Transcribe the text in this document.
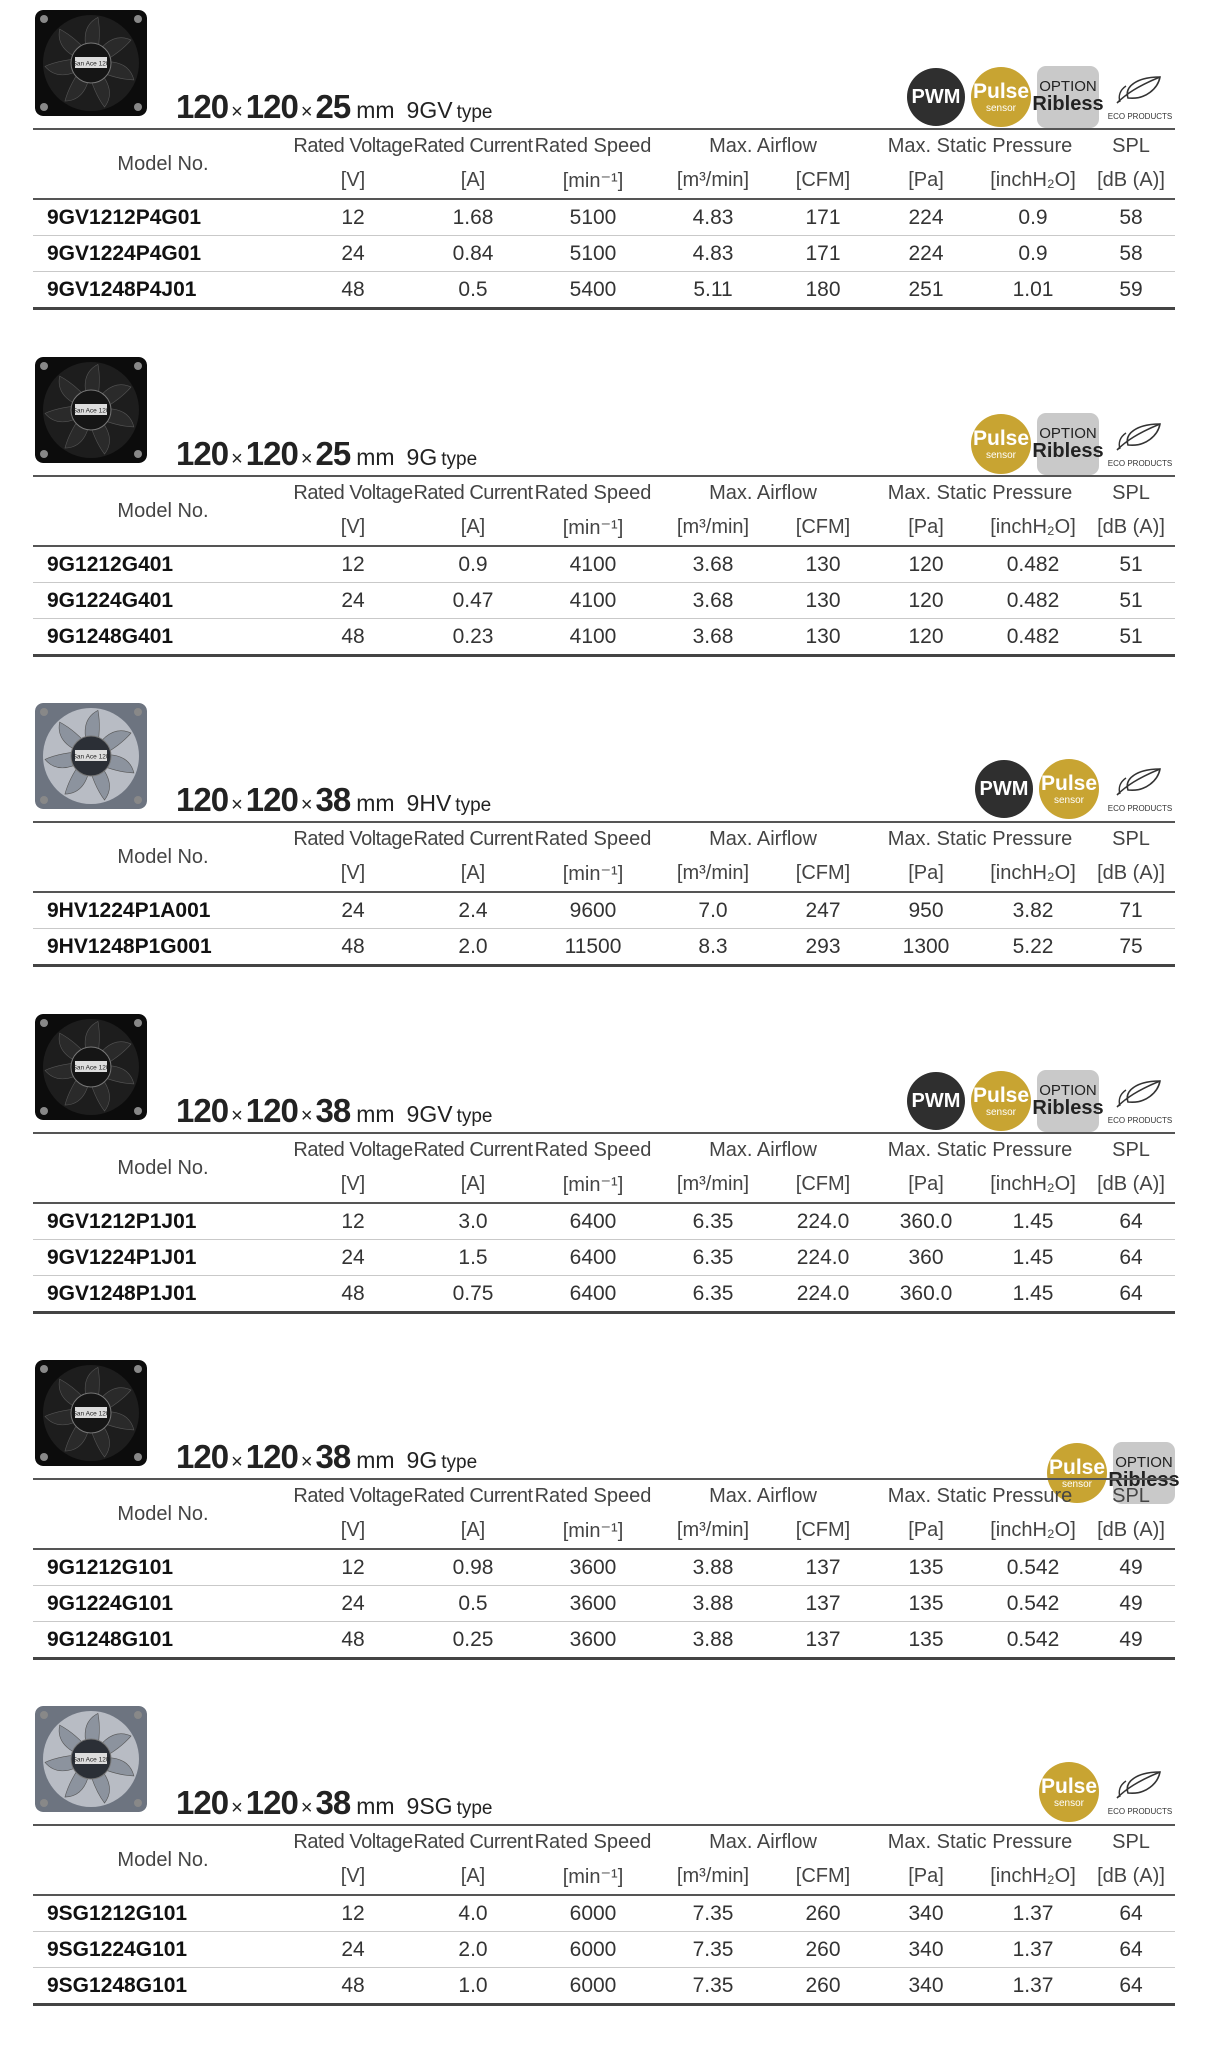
San Ace 120
PWM Pulse
sensor
OPTION
Ribless
ECO PRODUCTS
120 ×120 ×25 mm 9GV type
Model No.	Rated Voltage	Rated Current	Rated Speed	Max. Airflow		Max. Static Pressure		SPL
	[V]	[A]	[min⁻¹]	[m³/min]	[CFM]	[Pa]	[inchH₂O]	[dB (A)]
9GV1212P4G01	12	1.68	5100	4.83	171	224	0.9	58
9GV1224P4G01	24	0.84	5100	4.83	171	224	0.9	58
9GV1248P4J01	48	0.5	5400	5.11	180	251	1.01	59
San Ace 120
Pulse
sensor
OPTION
Ribless
ECO PRODUCTS
120 ×120 ×25 mm 9G type
Model No.	Rated Voltage	Rated Current	Rated Speed	Max. Airflow		Max. Static Pressure		SPL
	[V]	[A]	[min⁻¹]	[m³/min]	[CFM]	[Pa]	[inchH₂O]	[dB (A)]
9G1212G401	12	0.9	4100	3.68	130	120	0.482	51
9G1224G401	24	0.47	4100	3.68	130	120	0.482	51
9G1248G401	48	0.23	4100	3.68	130	120	0.482	51
San Ace 120
PWM Pulse
sensor
ECO PRODUCTS
120 ×120 ×38 mm 9HV type
Model No.	Rated Voltage	Rated Current	Rated Speed	Max. Airflow		Max. Static Pressure		SPL
	[V]	[A]	[min⁻¹]	[m³/min]	[CFM]	[Pa]	[inchH₂O]	[dB (A)]
9HV1224P1A001	24	2.4	9600	7.0	247	950	3.82	71
9HV1248P1G001	48	2.0	11500	8.3	293	1300	5.22	75
San Ace 120
PWM Pulse
sensor
OPTION
Ribless
ECO PRODUCTS
120 ×120 ×38 mm 9GV type
Model No.	Rated Voltage	Rated Current	Rated Speed	Max. Airflow		Max. Static Pressure		SPL
	[V]	[A]	[min⁻¹]	[m³/min]	[CFM]	[Pa]	[inchH₂O]	[dB (A)]
9GV1212P1J01	12	3.0	6400	6.35	224.0	360.0	1.45	64
9GV1224P1J01	24	1.5	6400	6.35	224.0	360	1.45	64
9GV1248P1J01	48	0.75	6400	6.35	224.0	360.0	1.45	64
San Ace 120
Pulse
sensor
OPTION
Ribless
120 ×120 ×38 mm 9G type
Model No.	Rated Voltage	Rated Current	Rated Speed	Max. Airflow		Max. Static Pressure		SPL
	[V]	[A]	[min⁻¹]	[m³/min]	[CFM]	[Pa]	[inchH₂O]	[dB (A)]
9G1212G101	12	0.98	3600	3.88	137	135	0.542	49
9G1224G101	24	0.5	3600	3.88	137	135	0.542	49
9G1248G101	48	0.25	3600	3.88	137	135	0.542	49
San Ace 120
Pulse
sensor
ECO PRODUCTS
120 ×120 ×38 mm 9SG type
Model No.	Rated Voltage	Rated Current	Rated Speed	Max. Airflow		Max. Static Pressure		SPL
	[V]	[A]	[min⁻¹]	[m³/min]	[CFM]	[Pa]	[inchH₂O]	[dB (A)]
9SG1212G101	12	4.0	6000	7.35	260	340	1.37	64
9SG1224G101	24	2.0	6000	7.35	260	340	1.37	64
9SG1248G101	48	1.0	6000	7.35	260	340	1.37	64
